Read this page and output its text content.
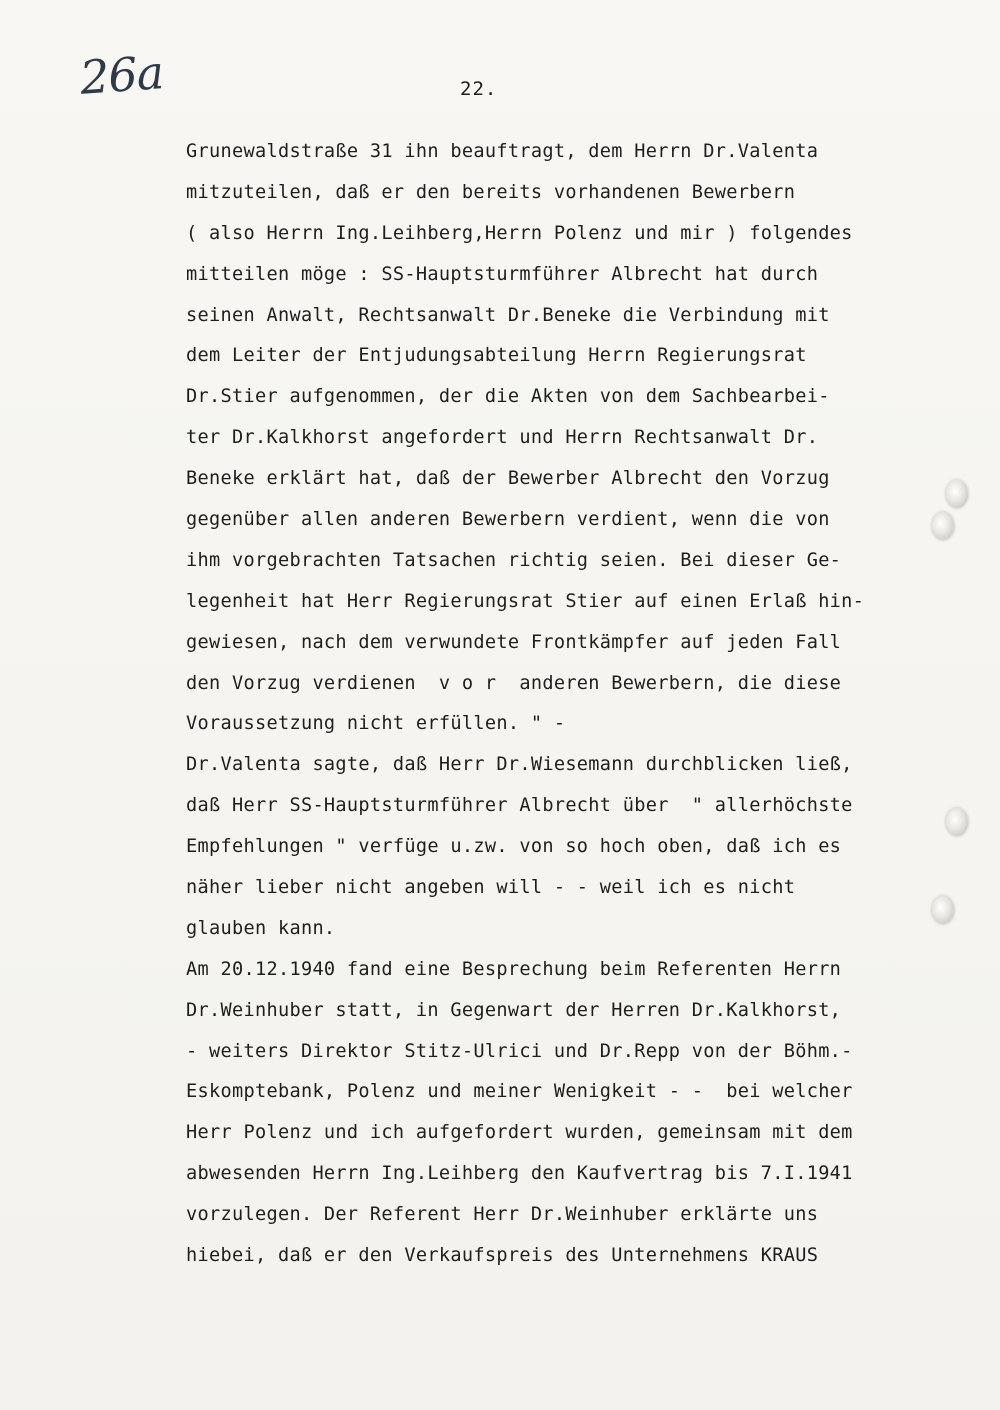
26a	22.
Grunewaldstraße 31 ihn beauftragt, dem Herrn Dr.Valenta
mitzuteilen, daß er den bereits vorhandenen Bewerbern
( also Herrn Ing.Leihberg,Herrn Polenz und mir ) folgendes
mitteilen möge : SS-Hauptsturmführer Albrecht hat durch
seinen Anwalt, Rechtsanwalt Dr.Beneke die Verbindung mit
dem Leiter der Entjudungsabteilung Herrn Regierungsrat
Dr.Stier aufgenommen, der die Akten von dem Sachbearbei-
ter Dr.Kalkhorst angefordert und Herrn Rechtsanwalt Dr.
Beneke erklärt hat, daß der Bewerber Albrecht den Vorzug
gegenüber allen anderen Bewerbern verdient, wenn die von
ihm vorgebrachten Tatsachen richtig seien. Bei dieser Ge-
legenheit hat Herr Regierungsrat Stier auf einen Erlaß hin-
gewiesen, nach dem verwundete Frontkämpfer auf jeden Fall
den Vorzug verdienen  v o r  anderen Bewerbern, die diese
Voraussetzung nicht erfüllen. " -
Dr.Valenta sagte, daß Herr Dr.Wiesemann durchblicken ließ,
daß Herr SS-Hauptsturmführer Albrecht über  " allerhöchste
Empfehlungen " verfüge u.zw. von so hoch oben, daß ich es
näher lieber nicht angeben will - - weil ich es nicht
glauben kann.
Am 20.12.1940 fand eine Besprechung beim Referenten Herrn
Dr.Weinhuber statt, in Gegenwart der Herren Dr.Kalkhorst,
- weiters Direktor Stitz-Ulrici und Dr.Repp von der Böhm.-
Eskomptebank, Polenz und meiner Wenigkeit - -  bei welcher
Herr Polenz und ich aufgefordert wurden, gemeinsam mit dem
abwesenden Herrn Ing.Leihberg den Kaufvertrag bis 7.I.1941
vorzulegen. Der Referent Herr Dr.Weinhuber erklärte uns
hiebei, daß er den Verkaufspreis des Unternehmens KRAUS
